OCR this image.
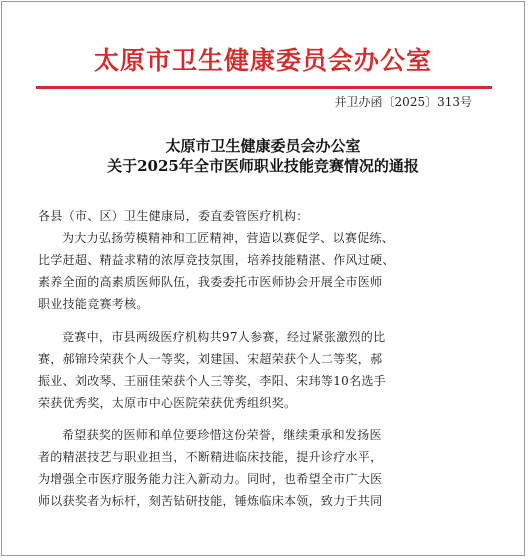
太原市卫生健康委员会办公室
并卫办函〔2025〕313号
太原市卫生健康委员会办公室
关于2025年全市医师职业技能竞赛情况的通报
各县（市、区）卫生健康局，委直委管医疗机构：
为大力弘扬劳模精神和工匠精神，营造以赛促学、以赛促练、
比学赶超、精益求精的浓厚竞技氛围，培养技能精湛、作风过硬、
素养全面的高素质医师队伍，我委委托市医师协会开展全市医师
职业技能竞赛考核。
竞赛中，市县两级医疗机构共97人参赛，经过紧张激烈的比
赛，郝锦玲荣获个人一等奖，刘建国、宋超荣获个人二等奖，郝
振业、刘改琴、王丽佳荣获个人三等奖，李阳、宋玮等10名选手
荣获优秀奖，太原市中心医院荣获优秀组织奖。
希望获奖的医师和单位要珍惜这份荣誉，继续秉承和发扬医
者的精湛技艺与职业担当，不断精进临床技能，提升诊疗水平，
为增强全市医疗服务能力注入新动力。同时，也希望全市广大医
师以获奖者为标杆，刻苦钻研技能，锤炼临床本领，致力于共同
